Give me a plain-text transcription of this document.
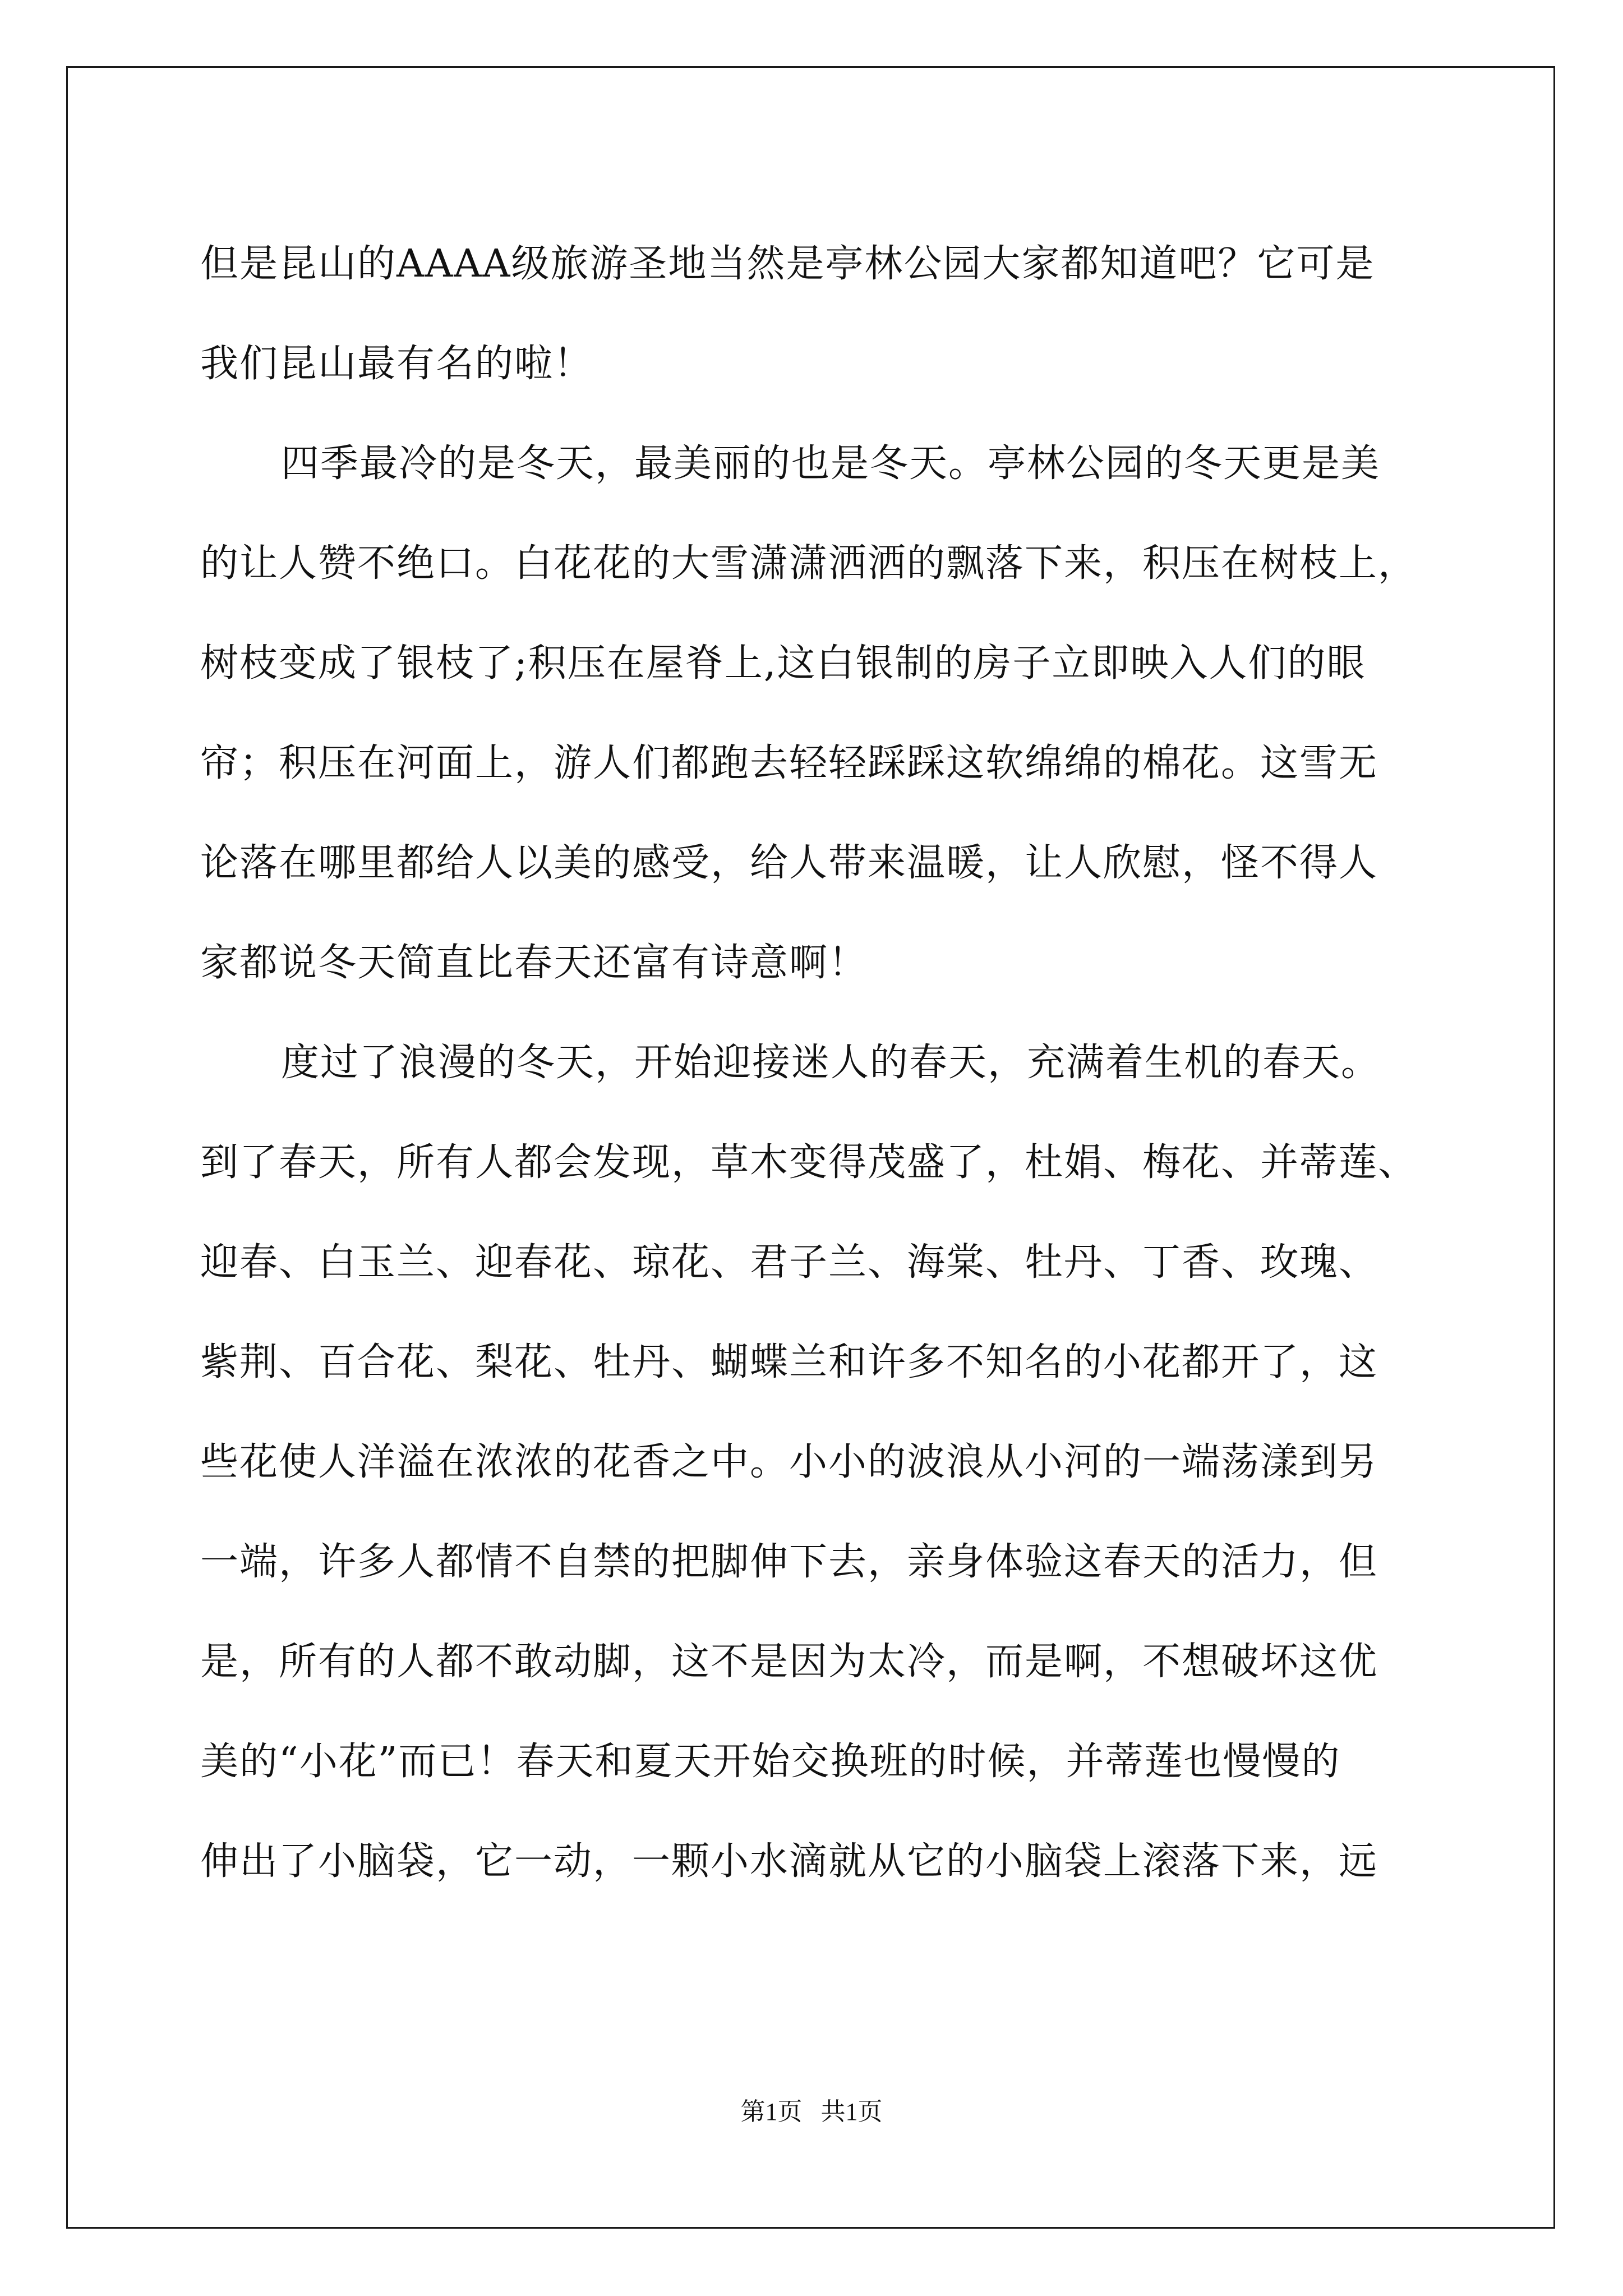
但是昆山的AAAA级旅游圣地当然是亭林公园大家都知道吧？它可是
我们昆山最有名的啦！
四季最冷的是冬天，最美丽的也是冬天。亭林公园的冬天更是美
的让人赞不绝口。白花花的大雪潇潇洒洒的飘落下来，积压在树枝上，
树枝变成了银枝了;积压在屋脊上,这白银制的房子立即映入人们的眼
帘；积压在河面上，游人们都跑去轻轻踩踩这软绵绵的棉花。这雪无
论落在哪里都给人以美的感受，给人带来温暖，让人欣慰，怪不得人
家都说冬天简直比春天还富有诗意啊！
度过了浪漫的冬天，开始迎接迷人的春天，充满着生机的春天。
到了春天，所有人都会发现，草木变得茂盛了，杜娟、梅花、并蒂莲、
迎春、白玉兰、迎春花、琼花、君子兰、海棠、牡丹、丁香、玫瑰、
紫荆、百合花、梨花、牡丹、蝴蝶兰和许多不知名的小花都开了，这
些花使人洋溢在浓浓的花香之中。小小的波浪从小河的一端荡漾到另
一端，许多人都情不自禁的把脚伸下去，亲身体验这春天的活力，但
是，所有的人都不敢动脚，这不是因为太冷，而是啊，不想破坏这优
美的“小花”而已！春天和夏天开始交换班的时候，并蒂莲也慢慢的
伸出了小脑袋，它一动，一颗小水滴就从它的小脑袋上滚落下来，远
第1页 共1页
